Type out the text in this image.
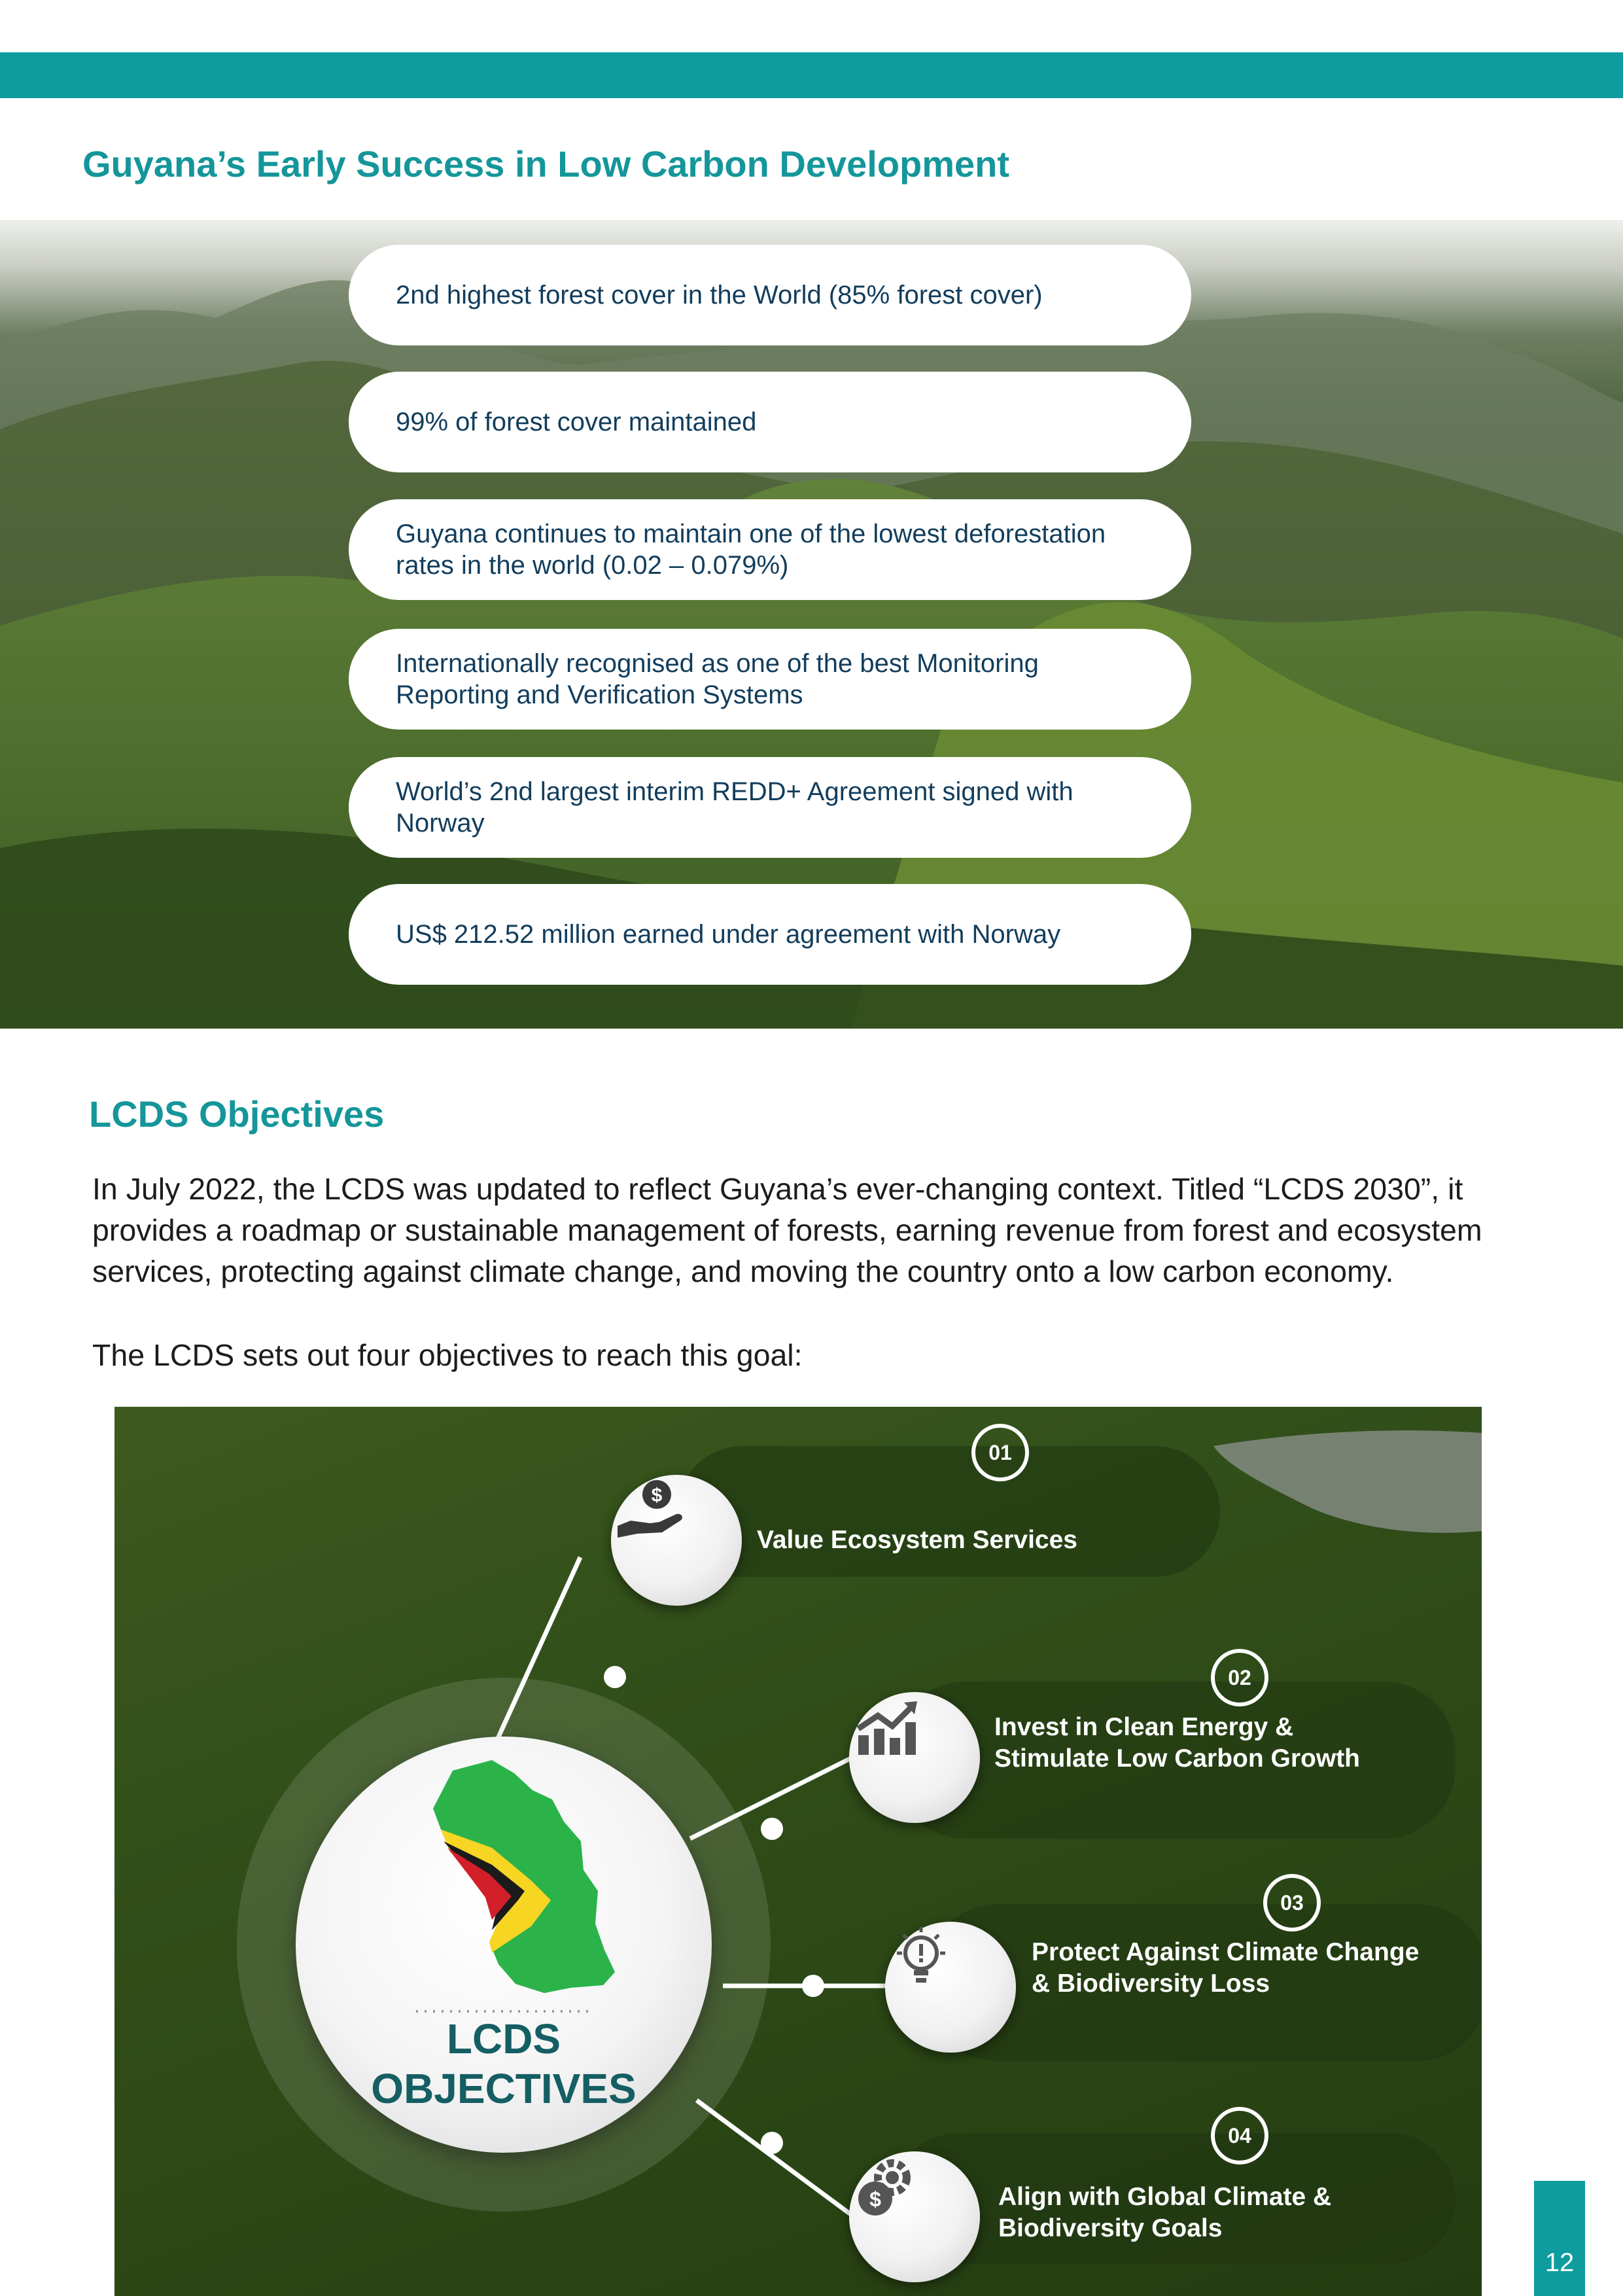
Guyana’s Early Success in Low Carbon Development
2nd highest forest cover in the World (85% forest cover)
99% of forest cover maintained
Guyana continues to maintain one of the lowest deforestation rates in the world (0.02 – 0.079%)
Internationally recognised as one of the best Monitoring Reporting and Verification Systems
World’s 2nd largest interim REDD+ Agreement signed with Norway
US$ 212.52 million earned under agreement with Norway
LCDS Objectives
In July 2022, the LCDS was updated to reflect Guyana’s ever-changing context. Titled “LCDS 2030”, it provides a roadmap or sustainable management of forests, earning revenue from forest and ecosystem services, protecting against climate change, and moving the country onto a low carbon economy.
The LCDS sets out four objectives to reach this goal:
$
01
Value Ecosystem Services
02
Invest in Clean Energy & Stimulate Low Carbon Growth
03
Protect Against Climate Change & Biodiversity Loss
$
04
Align with Global Climate & Biodiversity Goals
LCDS
OBJECTIVES
12
